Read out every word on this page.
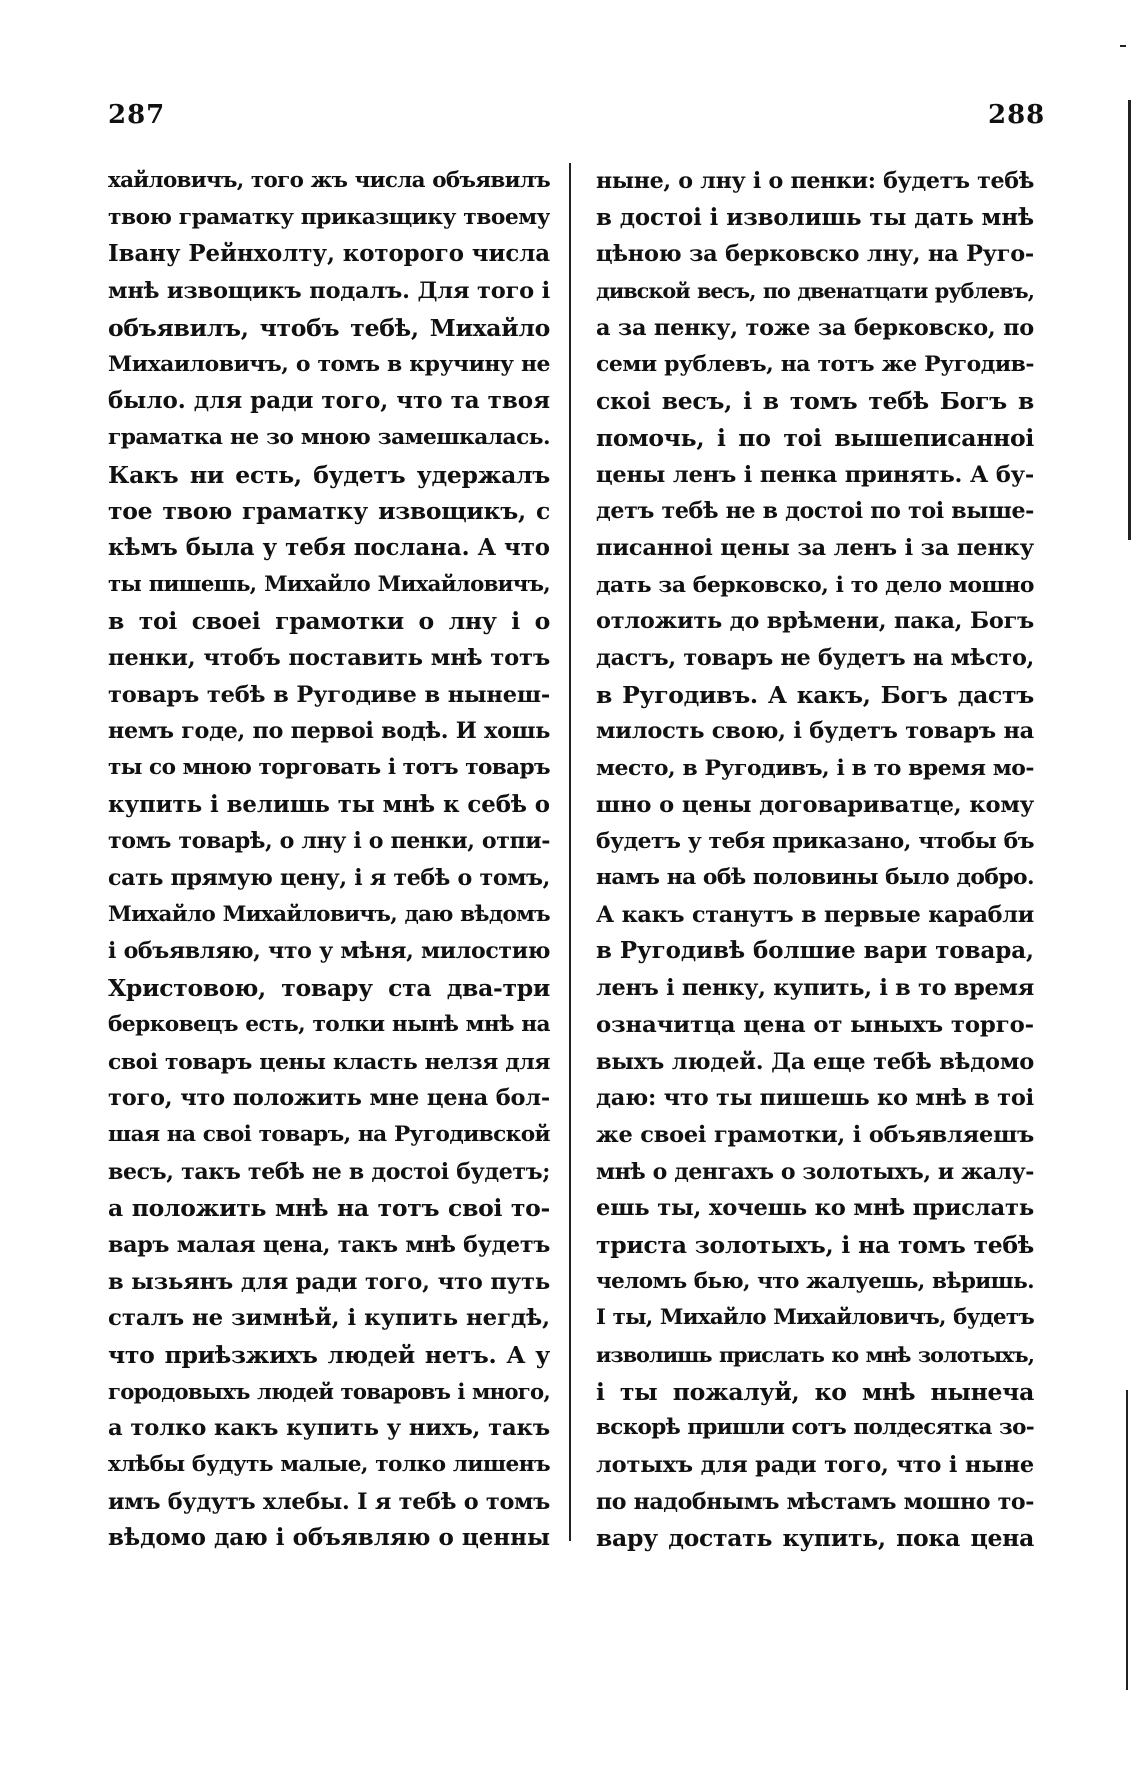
287	288
хайловичъ, того жъ числа объявилъ
твою граматку приказщику твоему
Івану Рейнхолту, которого числа
мнѣ извощикъ подалъ. Для того і
объявилъ, чтобъ тебѣ, Михайло
Михаиловичъ, о томъ в кручину не
было. для ради того, что та твоя
граматка не зо мною замешкалась.
Какъ ни есть, будетъ удержалъ
тое твою граматку извощикъ, с
кѣмъ была у тебя послана. А что
ты пишешь, Михайло Михайловичъ,
в тоі своеі грамотки о лну і о
пенки, чтобъ поставить мнѣ тотъ
товаръ тебѣ в Ругодиве в нынеш-
немъ годе, по первоі водѣ. И хошь
ты со мною торговать і тотъ товаръ
купить і велишь ты мнѣ к себѣ о
томъ товарѣ, о лну і о пенки, отпи-
сать прямую цену, і я тебѣ о томъ,
Михайло Михайловичъ, даю вѣдомъ
і объявляю, что у мѣня, милостию
Христовою, товару ста два-три
берковецъ есть, толки нынѣ мнѣ на
своі товаръ цены класть нелзя для
того, что положить мне цена бол-
шая на своі товаръ, на Ругодивской
весъ, такъ тебѣ не в достоі будетъ;
а положить мнѣ на тотъ своі то-
варъ малая цена, такъ мнѣ будетъ
в ызьянъ для ради того, что путь
сталъ не зимнѣй, і купить негдѣ,
что приѣзжихъ людей нетъ. А у
городовыхъ людей товаровъ і много,
а толко какъ купить у нихъ, такъ
хлѣбы будуть малые, толко лишенъ
имъ будутъ хлебы. I я тебѣ о томъ
вѣдомо даю і объявляю о ценны
нынe, о лну і о пенки: будетъ тебѣ
в достоі і изволишь ты дать мнѣ
цѣною за берковско лну, на Руго-
дивской весъ, по двенатцати рублевъ,
а за пенку, тоже за берковско, по
семи рублевъ, на тотъ же Ругодив-
скоі весъ, і в томъ тебѣ Богъ в
помочь, і по тоі вышеписанноі
цены ленъ і пенка принять. А бу-
детъ тебѣ не в достоі по тоі выше-
писанноі цены за ленъ і за пенку
дать за берковско, і то дело мошно
отложить до врѣмени, пака, Богъ
дастъ, товаръ не будетъ на мѣсто,
в Ругодивъ. А какъ, Богъ дастъ
милость свою, і будетъ товаръ на
место, в Ругодивъ, і в то время мо-
шно о цены договариватце, кому
будетъ у тебя приказано, чтобы бъ
намъ на обѣ половины было добро.
А какъ станутъ в первые карабли
в Ругодивѣ болшие вари товара,
ленъ і пенку, купить, і в то время
означитца цена от ыныхъ торго-
выхъ людей. Да еще тебѣ вѣдомо
даю: что ты пишешь ко мнѣ в тоі
же своеі грамотки, і объявляешъ
мнѣ о денгахъ о золотыхъ, и жалу-
ешь ты, хочешь ко мнѣ прислать
триста золотыхъ, і на томъ тебѣ
челомъ бью, что жалуешь, вѣришь.
I ты, Михайло Михайловичъ, будетъ
изволишь прислать ко мнѣ золотыхъ,
і ты пожалуй, ко мнѣ нынеча
вскорѣ пришли сотъ полдесятка зо-
лотыхъ для ради того, что і ныне
по надобнымъ мѣстамъ мошно то-
вару достать купить, пока цена
